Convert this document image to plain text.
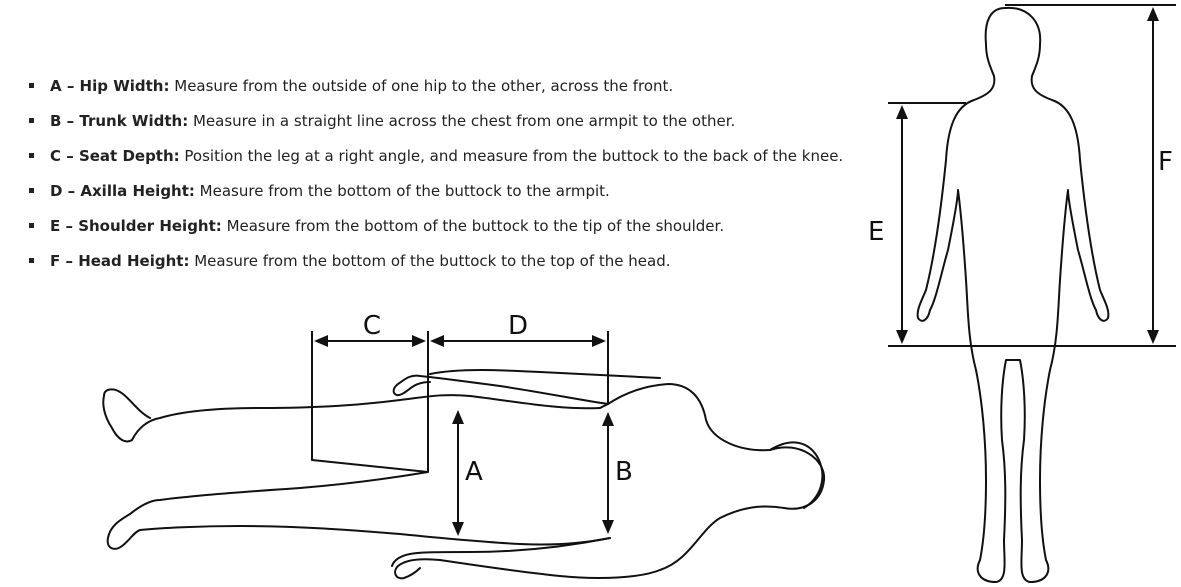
A – Hip Width: Measure from the outside of one hip to the other, across the front.
B – Trunk Width: Measure in a straight line across the chest from one armpit to the other.
C – Seat Depth: Position the leg at a right angle, and measure from the buttock to the back of the knee.
D – Axilla Height: Measure from the bottom of the buttock to the armpit.
E – Shoulder Height: Measure from the bottom of the buttock to the tip of the shoulder.
F – Head Height: Measure from the bottom of the buttock to the top of the head.
C	D
A	B
E
F
